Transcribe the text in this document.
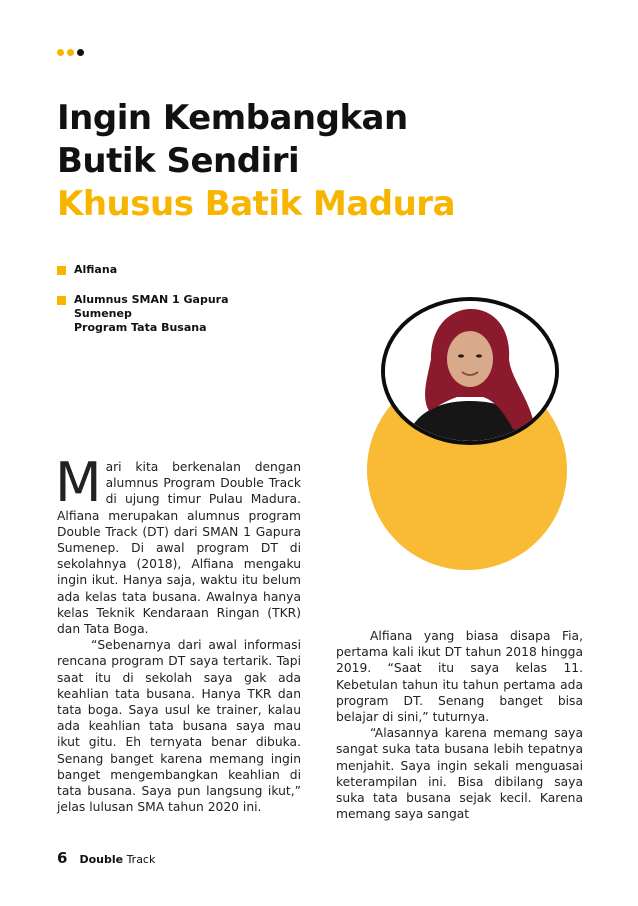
Ingin Kembangkan
Butik Sendiri
Khusus Batik Madura
Alfiana
Alumnus SMAN 1 Gapura
Sumenep
Program Tata Busana

Mari kita berkenalan dengan alumnus Program Double Track di ujung timur Pulau Madura. Alfiana merupakan alumnus program Double Track (DT) dari SMAN 1 Gapura Sumenep. Di awal program DT di sekolahnya (2018), Alfiana mengaku ingin ikut. Hanya saja, waktu itu belum ada kelas tata busana. Awalnya hanya kelas Teknik Kendaraan Ringan (TKR) dan Tata Boga.

“Sebenarnya dari awal informasi rencana program DT saya tertarik. Tapi saat itu di sekolah saya gak ada keahlian tata busana. Hanya TKR dan tata boga. Saya usul ke trainer, kalau ada keahlian tata busana saya mau ikut gitu. Eh ternyata benar dibuka. Senang banget karena memang ingin banget mengembangkan keahlian di tata busana. Saya pun langsung ikut,” jelas lulusan SMA tahun 2020 ini.

Alfiana yang biasa disapa Fia, pertama kali ikut DT tahun 2018 hingga 2019. “Saat itu saya kelas 11. Kebetulan tahun itu tahun pertama ada program DT. Senang banget bisa belajar di sini,” tuturnya.

“Alasannya karena memang saya sangat suka tata busana lebih tepatnya menjahit. Saya ingin sekali menguasai keterampilan ini. Bisa dibilang saya suka tata busana sejak kecil. Karena memang saya sangat

6 Double Track
